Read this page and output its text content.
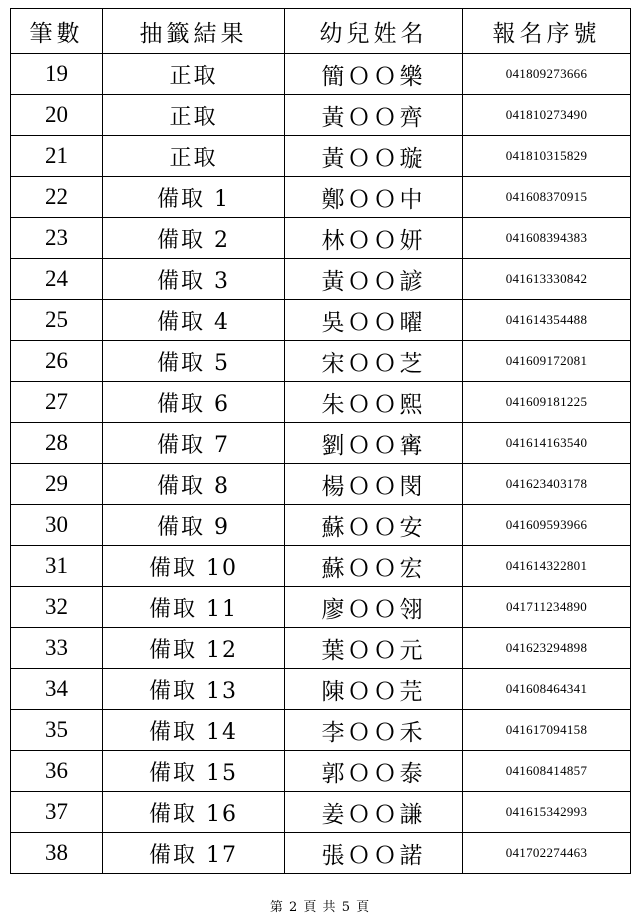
筆數	抽籤結果	幼兒姓名	報名序號
19	正取	簡ＯＯ樂	041809273666
20	正取	黃ＯＯ齊	041810273490
21	正取	黃ＯＯ璇	041810315829
22	備取 1	鄭ＯＯ中	041608370915
23	備取 2	林ＯＯ妍	041608394383
24	備取 3	黃ＯＯ諺	041613330842
25	備取 4	吳ＯＯ曜	041614354488
26	備取 5	宋ＯＯ芝	041609172081
27	備取 6	朱ＯＯ熙	041609181225
28	備取 7	劉ＯＯ寗	041614163540
29	備取 8	楊ＯＯ閔	041623403178
30	備取 9	蘇ＯＯ安	041609593966
31	備取 10	蘇ＯＯ宏	041614322801
32	備取 11	廖ＯＯ翎	041711234890
33	備取 12	葉ＯＯ元	041623294898
34	備取 13	陳ＯＯ芫	041608464341
35	備取 14	李ＯＯ禾	041617094158
36	備取 15	郭ＯＯ泰	041608414857
37	備取 16	姜ＯＯ謙	041615342993
38	備取 17	張ＯＯ諾	041702274463
第 2 頁 共 5 頁
